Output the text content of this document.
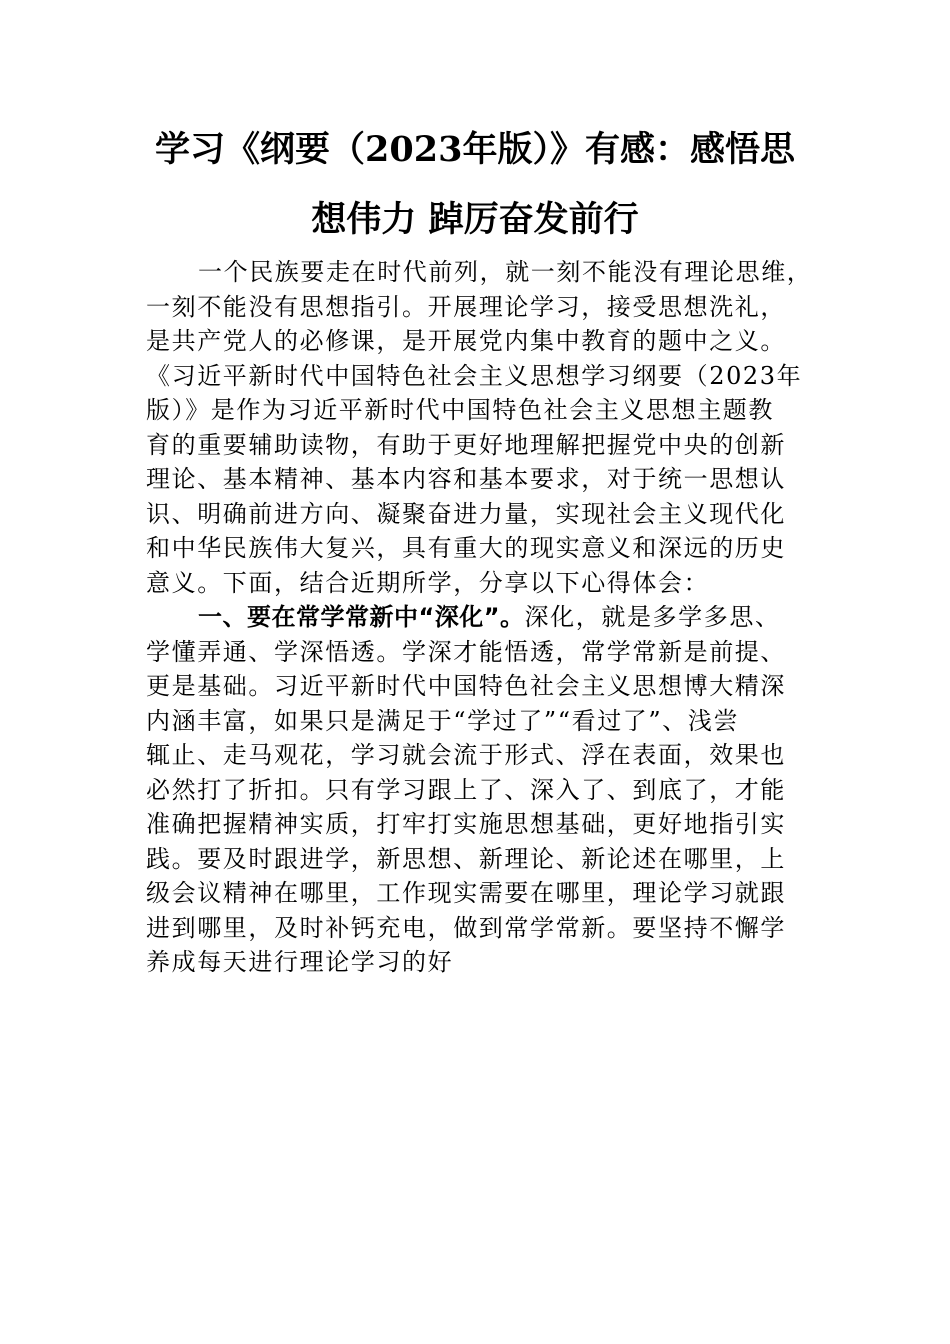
学习《纲要（2023年版）》有感：感悟思
想伟力 踔厉奋发前行
一个民族要走在时代前列，就一刻不能没有理论思维，
一刻不能没有思想指引。开展理论学习，接受思想洗礼，
是共产党人的必修课，是开展党内集中教育的题中之义。
《习近平新时代中国特色社会主义思想学习纲要（2023年
版）》是作为习近平新时代中国特色社会主义思想主题教
育的重要辅助读物，有助于更好地理解把握党中央的创新
理论、基本精神、基本内容和基本要求，对于统一思想认
识、明确前进方向、凝聚奋进力量，实现社会主义现代化
和中华民族伟大复兴，具有重大的现实意义和深远的历史
意义。下面，结合近期所学，分享以下心得体会：
一、要在常学常新中“深化”。深化，就是多学多思、
学懂弄通、学深悟透。学深才能悟透，常学常新是前提、
更是基础。习近平新时代中国特色社会主义思想博大精深
内涵丰富，如果只是满足于“学过了”“看过了”、浅尝
辄止、走马观花，学习就会流于形式、浮在表面，效果也
必然打了折扣。只有学习跟上了、深入了、到底了，才能
准确把握精神实质，打牢打实施思想基础，更好地指引实
践。要及时跟进学，新思想、新理论、新论述在哪里，上
级会议精神在哪里，工作现实需要在哪里，理论学习就跟
进到哪里，及时补钙充电，做到常学常新。要坚持不懈学
养成每天进行理论学习的好
